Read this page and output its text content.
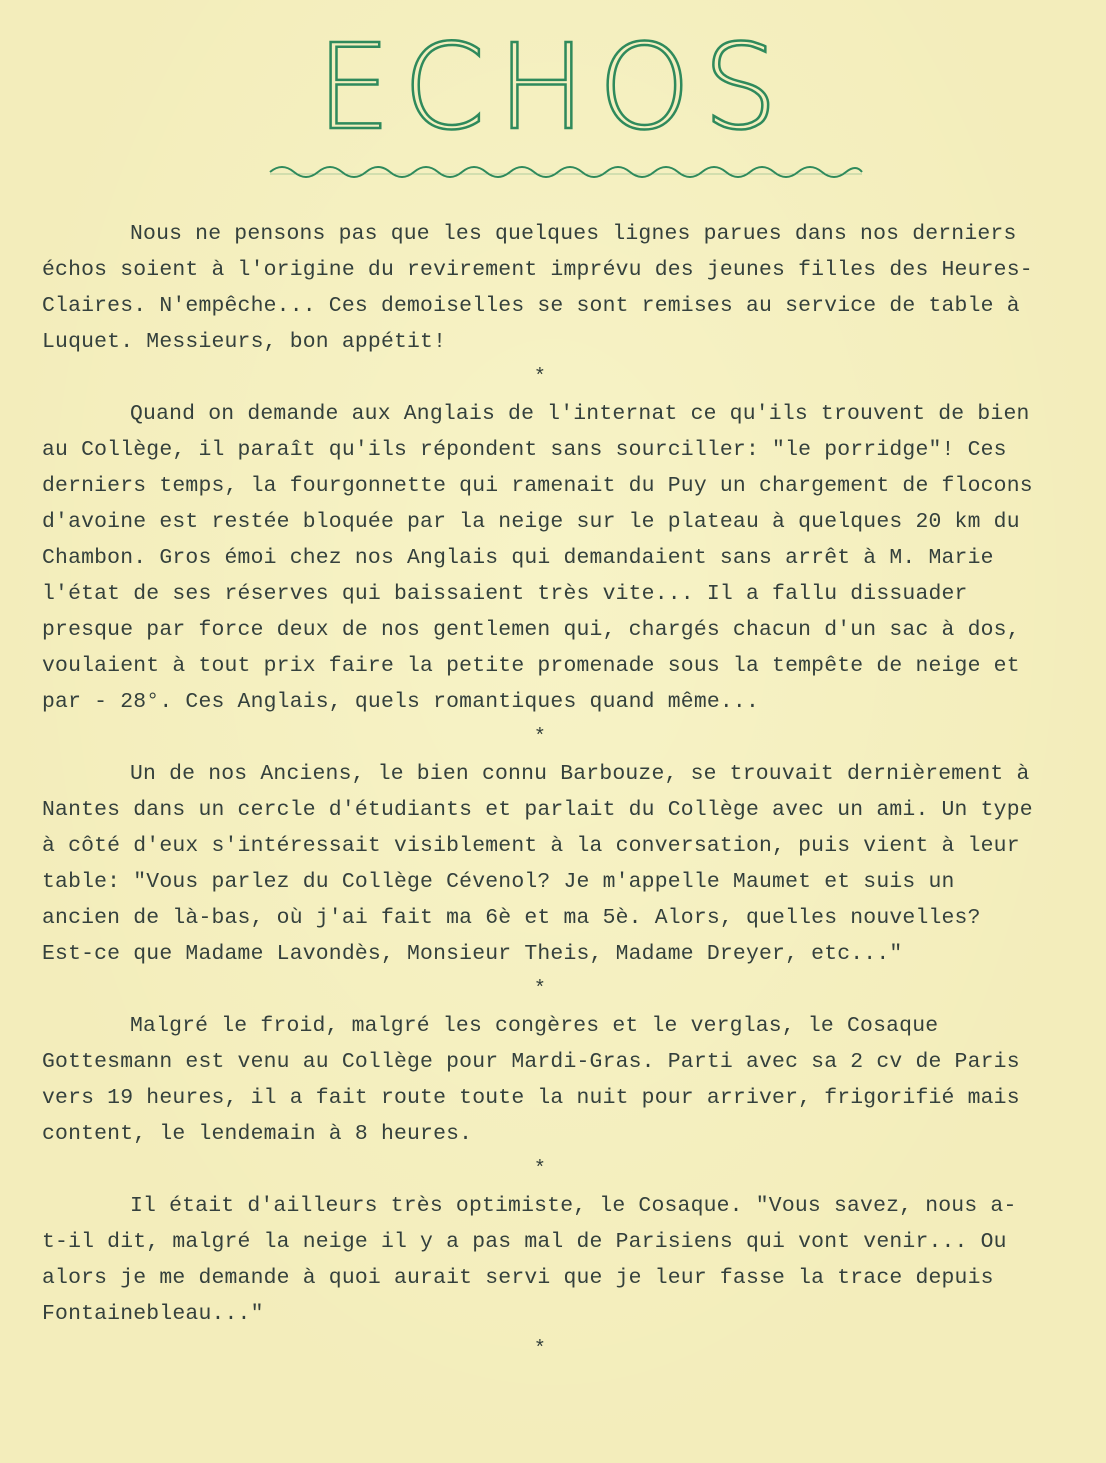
ECHOS

Nous ne pensons pas que les quelques lignes parues dans nos derniers échos soient à l'origine du revirement imprévu des jeunes filles des Heures-Claires. N'empêche... Ces demoiselles se sont remises au service de table à Luquet. Messieurs, bon appétit!

*

Quand on demande aux Anglais de l'internat ce qu'ils trouvent de bien au Collège, il paraît qu'ils répondent sans sourciller: "le porridge"! Ces derniers temps, la fourgonnette qui ramenait du Puy un chargement de flocons d'avoine est restée bloquée par la neige sur le plateau à quelques 20 km du Chambon. Gros émoi chez nos Anglais qui demandaient sans arrêt à M. Marie l'état de ses réserves qui baissaient très vite... Il a fallu dissuader presque par force deux de nos gentlemen qui, chargés chacun d'un sac à dos, voulaient à tout prix faire la petite promenade sous la tempête de neige et par - 28°. Ces Anglais, quels romantiques quand même...

*

Un de nos Anciens, le bien connu Barbouze, se trouvait dernièrement à Nantes dans un cercle d'étudiants et parlait du Collège avec un ami. Un type à côté d'eux s'intéressait visiblement à la conversation, puis vient à leur table: "Vous parlez du Collège Cévenol? Je m'appelle Maumet et suis un ancien de là-bas, où j'ai fait ma 6è et ma 5è. Alors, quelles nouvelles? Est-ce que Madame Lavondès, Monsieur Theis, Madame Dreyer, etc..."

*

Malgré le froid, malgré les congères et le verglas, le Cosaque Gottesmann est venu au Collège pour Mardi-Gras. Parti avec sa 2 cv de Paris vers 19 heures, il a fait route toute la nuit pour arriver, frigorifié mais content, le lendemain à 8 heures.

*

Il était d'ailleurs très optimiste, le Cosaque. "Vous savez, nous a-t-il dit, malgré la neige il y a pas mal de Parisiens qui vont venir... Ou alors je me demande à quoi aurait servi que je leur fasse la trace depuis Fontainebleau..."

*
